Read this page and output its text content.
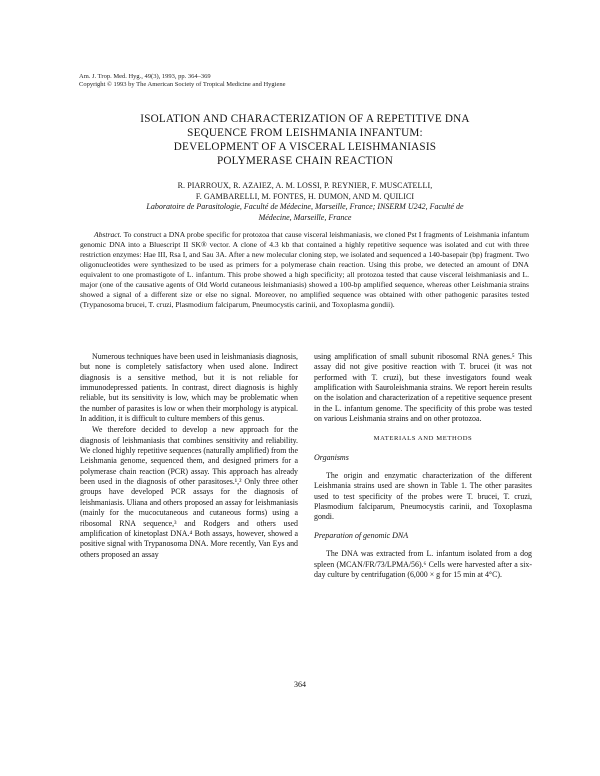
Am. J. Trop. Med. Hyg., 49(3), 1993, pp. 364–369
Copyright © 1993 by The American Society of Tropical Medicine and Hygiene
ISOLATION AND CHARACTERIZATION OF A REPETITIVE DNA
SEQUENCE FROM LEISHMANIA INFANTUM:
DEVELOPMENT OF A VISCERAL LEISHMANIASIS
POLYMERASE CHAIN REACTION
R. PIARROUX, R. AZAIEZ, A. M. LOSSI, P. REYNIER, F. MUSCATELLI,
F. GAMBARELLI, M. FONTES, H. DUMON, AND M. QUILICI
Laboratoire de Parasitologie, Faculté de Médecine, Marseille, France; INSERM U242, Faculté de
Médecine, Marseille, France
Abstract. To construct a DNA probe specific for protozoa that cause visceral leishmaniasis, we cloned Pst I fragments of Leishmania infantum genomic DNA into a Bluescript II SK® vector. A clone of 4.3 kb that contained a highly repetitive sequence was isolated and cut with three restriction enzymes: Hae III, Rsa I, and Sau 3A. After a new molecular cloning step, we isolated and sequenced a 140-basepair (bp) fragment. Two oligonucleotides were synthesized to be used as primers for a polymerase chain reaction. Using this probe, we detected an amount of DNA equivalent to one promastigote of L. infantum. This probe showed a high specificity; all protozoa tested that cause visceral leishmaniasis and L. major (one of the causative agents of Old World cutaneous leishmaniasis) showed a 100-bp amplified sequence, whereas other Leishmania strains showed a signal of a different size or else no signal. Moreover, no amplified sequence was obtained with other pathogenic parasites tested (Trypanosoma brucei, T. cruzi, Plasmodium falciparum, Pneumocystis carinii, and Toxoplasma gondii).

Numerous techniques have been used in leishmaniasis diagnosis, but none is completely satisfactory when used alone. Indirect diagnosis is a sensitive method, but it is not reliable for immunodepressed patients. In contrast, direct diagnosis is highly reliable, but its sensitivity is low, which may be problematic when the number of parasites is low or when their morphology is atypical. In addition, it is difficult to culture members of this genus.

We therefore decided to develop a new approach for the diagnosis of leishmaniasis that combines sensitivity and reliability. We cloned highly repetitive sequences (naturally amplified) from the Leishmania genome, sequenced them, and designed primers for a polymerase chain reaction (PCR) assay. This approach has already been used in the diagnosis of other parasitoses.¹,² Only three other groups have developed PCR assays for the diagnosis of leishmaniasis. Uliana and others proposed an assay for leishmaniasis (mainly for the mucocutaneous and cutaneous forms) using a ribosomal RNA sequence,³ and Rodgers and others used amplification of kinetoplast DNA.⁴ Both assays, however, showed a positive signal with Trypanosoma DNA. More recently, Van Eys and others proposed an assay

using amplification of small subunit ribosomal RNA genes.⁵ This assay did not give positive reaction with T. brucei (it was not performed with T. cruzi), but these investigators found weak amplification with Sauroleishmania strains. We report herein results on the isolation and characterization of a repetitive sequence present in the L. infantum genome. The specificity of this probe was tested on various Leishmania strains and on other protozoa.

MATERIALS AND METHODS
Organisms

The origin and enzymatic characterization of the different Leishmania strains used are shown in Table 1. The other parasites used to test specificity of the probes were T. brucei, T. cruzi, Plasmodium falciparum, Pneumocystis carinii, and Toxoplasma gondi.

Preparation of genomic DNA

The DNA was extracted from L. infantum isolated from a dog spleen (MCAN/FR/73/LPMA/56).⁶ Cells were harvested after a six-day culture by centrifugation (6,000 × g for 15 min at 4°C).

364
